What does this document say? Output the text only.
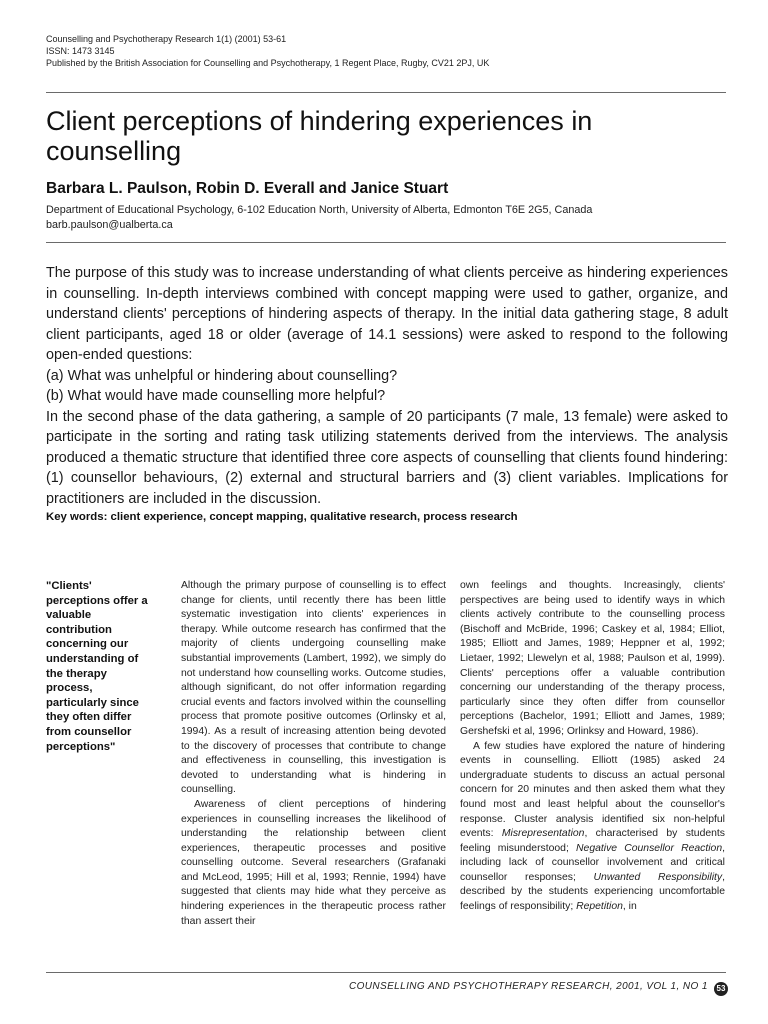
Counselling and Psychotherapy Research 1(1) (2001) 53-61
ISSN: 1473 3145
Published by the British Association for Counselling and Psychotherapy, 1 Regent Place, Rugby, CV21 2PJ, UK
Client perceptions of hindering experiences in counselling
Barbara L. Paulson, Robin D. Everall and Janice Stuart
Department of Educational Psychology, 6-102 Education North, University of Alberta, Edmonton T6E 2G5, Canada
barb.paulson@ualberta.ca

The purpose of this study was to increase understanding of what clients perceive as hindering experiences in counselling. In-depth interviews combined with concept mapping were used to gather, organize, and understand clients' perceptions of hindering aspects of therapy. In the initial data gathering stage, 8 adult client participants, aged 18 or older (average of 14.1 sessions) were asked to respond to the following open-ended questions:

(a) What was unhelpful or hindering about counselling?

(b) What would have made counselling more helpful?

In the second phase of the data gathering, a sample of 20 participants (7 male, 13 female) were asked to participate in the sorting and rating task utilizing statements derived from the interviews. The analysis produced a thematic structure that identified three core aspects of counselling that clients found hindering: (1) counsellor behaviours, (2) external and structural barriers and (3) client variables. Implications for practitioners are included in the discussion.

Key words: client experience, concept mapping, qualitative research, process research
"Clients' perceptions offer a valuable contribution concerning our understanding of the therapy process, particularly since they often differ from counsellor perceptions"

Although the primary purpose of counselling is to effect change for clients, until recently there has been little systematic investigation into clients' experiences in therapy. While outcome research has confirmed that the majority of clients undergoing counselling make substantial improvements (Lambert, 1992), we simply do not understand how counselling works. Outcome studies, although significant, do not offer information regarding crucial events and factors involved within the counselling process that promote positive outcomes (Orlinsky et al, 1994). As a result of increasing attention being devoted to the discovery of processes that contribute to change and effectiveness in counselling, this investigation is devoted to understanding what is hindering in counselling.

Awareness of client perceptions of hindering experiences in counselling increases the likelihood of understanding the relationship between client experiences, therapeutic processes and positive counselling outcome. Several researchers (Grafanaki and McLeod, 1995; Hill et al, 1993; Rennie, 1994) have suggested that clients may hide what they perceive as hindering experiences in the therapeutic process rather than assert their

own feelings and thoughts. Increasingly, clients' perspectives are being used to identify ways in which clients actively contribute to the counselling process (Bischoff and McBride, 1996; Caskey et al, 1984; Elliot, 1985; Elliott and James, 1989; Heppner et al, 1992; Lietaer, 1992; Llewelyn et al, 1988; Paulson et al, 1999). Clients' perceptions offer a valuable contribution concerning our understanding of the therapy process, particularly since they often differ from counsellor perceptions (Bachelor, 1991; Elliott and James, 1989; Gershefski et al, 1996; Orlinksy and Howard, 1986).

A few studies have explored the nature of hindering events in counselling. Elliott (1985) asked 24 undergraduate students to discuss an actual personal concern for 20 minutes and then asked them what they found most and least helpful about the counsellor's response. Cluster analysis identified six non-helpful events: Misrepresentation, characterised by students feeling misunderstood; Negative Counsellor Reaction, including lack of counsellor involvement and critical counsellor responses; Unwanted Responsibility, described by the students experiencing uncomfortable feelings of responsibility; Repetition, in

COUNSELLING AND PSYCHOTHERAPY RESEARCH, 2001, VOL 1, NO 1 53
